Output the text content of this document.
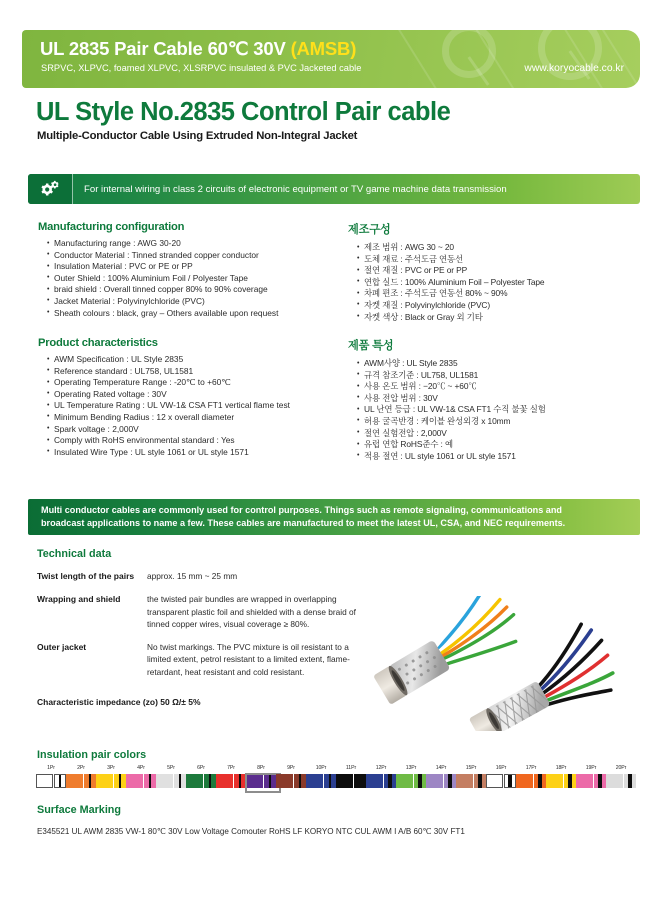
UL 2835 Pair Cable 60℃ 30V (AMSB)
SRPVC, XLPVC, foamed XLPVC, XLSRPVC insulated & PVC Jacketed cable	www.koryocable.co.kr
UL Style No.2835 Control Pair cable
Multiple-Conductor Cable Using Extruded Non-Integral Jacket
For internal wiring in class 2 circuits of electronic equipment or TV game machine data transmission
Manufacturing configuration
• Manufacturing range : AWG 30-20
• Conductor Material : Tinned stranded copper conductor
• Insulation Material : PVC or PE or PP
• Outer Shield : 100% Aluminium Foil / Polyester Tape
• braid shield : Overall tinned copper 80% to 90% coverage
• Jacket Material : Polyvinylchloride (PVC)
• Sheath colours : black, gray – Others available upon request
제조구성
• 제조 범위 : AWG 30 ~ 20
• 도체 재료 : 주석도금 연동선
• 절연 재질 : PVC or PE or PP
• 연합 실드 : 100% Aluminium Foil – Polyester Tape
• 차폐 편조 : 주석도금 연동선 80% ~ 90%
• 자켓 재질 : Polyvinylchloride (PVC)
• 자켓 색상 : Black or Gray 외 기타
Product characteristics
• AWM Specification : UL Style 2835
• Reference standard : UL758, UL1581
• Operating Temperature Range : -20℃ to +60℃
• Operating Rated voltage : 30V
• UL Temperature Rating : UL VW-1& CSA FT1 vertical flame test
• Minimum Bending Radius : 12 x overall diameter
• Spark voltage : 2,000V
• Comply with RoHS environmental standard : Yes
• Insulated Wire Type : UL style 1061 or UL style 1571
제품 특성
• AWM사양 : UL Style 2835
• 규격 참조기준 : UL758, UL1581
• 사용 온도 범위 : −20℃ ~ +60℃
• 사용 전압 범위 : 30V
• UL 난연 등급 : UL VW-1& CSA FT1 수직 불꽃 실험
• 허용 굴곡반경 : 케이블 완성외경 x 10mm
• 절연 실험전압 : 2,000V
• 유럽 연합 RoHS준수 : 예
• 적용 절연 : UL style 1061 or UL style 1571

Multi conductor cables are commonly used for control purposes. Things such as remote signaling, communications and

broadcast applications to name a few. These cables are manufactured to meet the latest UL, CSA, and NEC requirements.

Technical data
Twist length of the pairs	approx. 15 mm ~ 25 mm
Wrapping and shield	the twisted pair bundles are wrapped in overlapping transparent plastic foil and shielded with a dense braid of tinned copper wires, visual coverage ≥ 80%.
Outer jacket	No twist markings. The PVC mixture is oil resistant to a limited extent, petrol resistant to a limited extent, flame-retardant, heat resistant and cold resistant.
Characteristic impedance (zo) 50 Ω/± 5%
Insulation pair colors
1Pr	2Pr	3Pr	4Pr	5Pr	6Pr	7Pr	8Pr	9Pr	10Pr	11Pr	12Pr	13Pr	14Pr	15Pr	16Pr	17Pr	18Pr	19Pr	20Pr
Surface Marking
E345521 UL AWM 2835 VW-1 80℃ 30V Low Voltage Comouter RoHS LF KORYO NTC CUL AWM I A/B 60℃ 30V FT1
